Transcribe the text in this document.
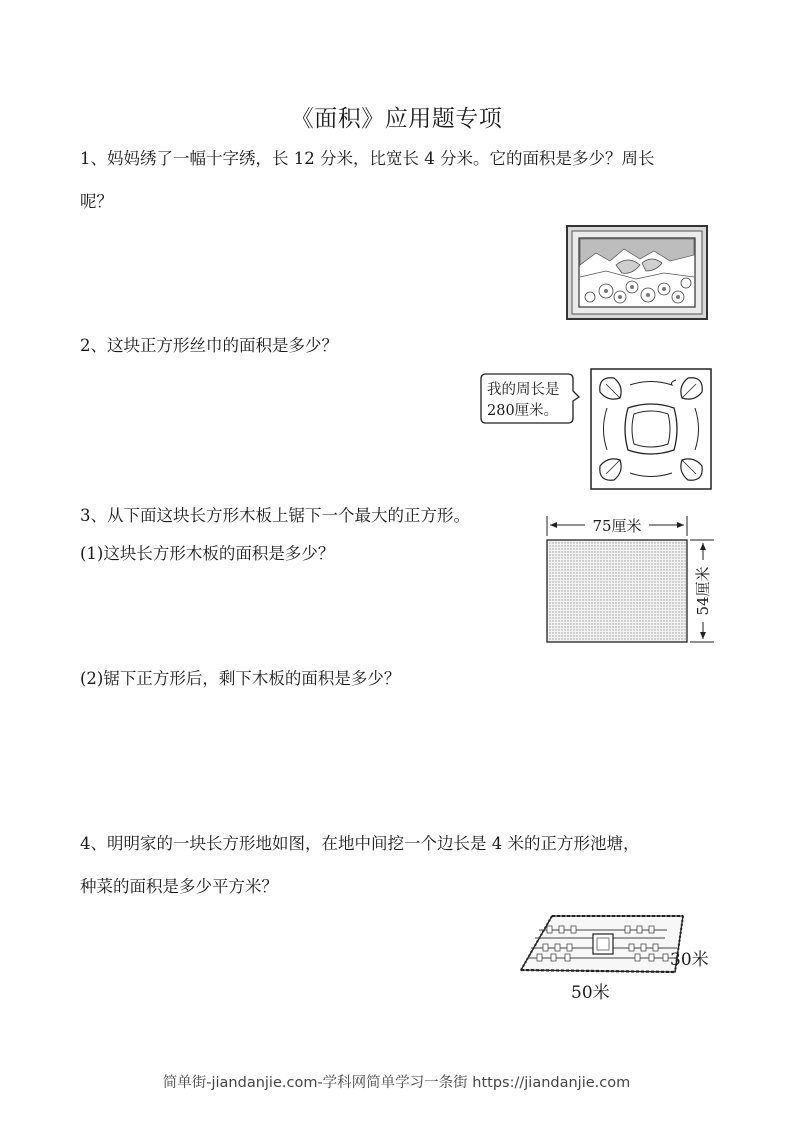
《面积》应用题专项
1、妈妈绣了一幅十字绣，长 12 分米，比宽长 4 分米。它的面积是多少？周长
呢？
2、这块正方形丝巾的面积是多少？
我的周长是
280厘米。
3、从下面这块长方形木板上锯下一个最大的正方形。
(1)这块长方形木板的面积是多少？
(2)锯下正方形后，剩下木板的面积是多少？
75厘米
54厘米
4、明明家的一块长方形地如图，在地中间挖一个边长是 4 米的正方形池塘，
种菜的面积是多少平方米？
30米
50米
简单街-jiandanjie.com-学科网简单学习一条街 https://jiandanjie.com
